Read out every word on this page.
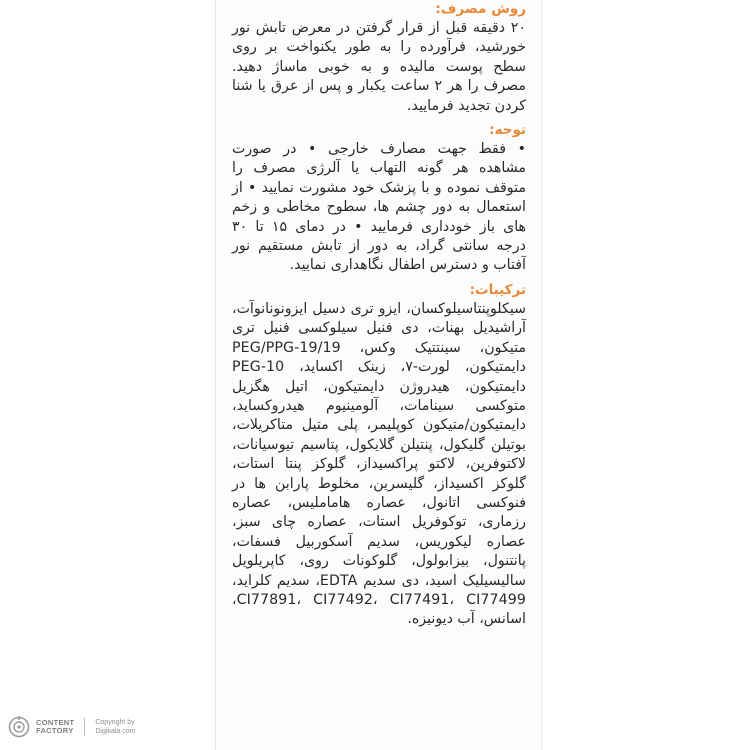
روش مصرف:
۲۰ دقیقه قبل از قرار گرفتن در معرض تابش نور خورشید، فرآورده را به طور یکنواخت بر روی سطح پوست مالیده و به خوبی ماساژ دهید. مصرف را هر ۲ ساعت یکبار و پس از عرق یا شنا کردن تجدید فرمایید.
توجه:
• فقط جهت مصارف خارجی • در صورت مشاهده هر گونه التهاب یا آلرژی مصرف را متوقف نموده و با پزشک خود مشورت نمایید • از استعمال به دور چشم ها، سطوح مخاطی و زخم های باز خودداری فرمایید • در دمای ۱۵ تا ۳۰ درجه سانتی گراد، به دور از تابش مستقیم نور آفتاب و دسترس اطفال نگاهداری نمایید.
ترکیبات:
سیکلوپنتاسیلوکسان، ایزو تری دسیل ایزونونانوآت، آراشیدیل بهنات، دی فنیل سیلوکسی فنیل تری متیکون، سینتتیک وکس، PEG/PPG-19/19 دایمتیکون، لورت-۷، زینک اکساید، PEG-10 دایمتیکون، هیدروژن دایمتیکون، اتیل هگزیل متوکسی سینامات، آلومینیوم هیدروکساید، دایمتیکون/متیکون کوپلیمر، پلی متیل متاکریلات، بوتیلن گلیکول، پنتیلن گلایکول، پتاسیم تیوسیانات، لاکتوفرین، لاکتو پراکسیداز، گلوکز پنتا استات، گلوکز اکسیداز، گلیسرین، مخلوط پارابن ها در فنوکسی اتانول، عصاره هامامليس، عصاره رزماری، توکوفریل استات، عصاره چای سبز، عصاره لیکوریس، سدیم آسکوربیل فسفات، پانتنول، بیزابولول، گلوکونات روی، کاپریلویل سالیسیلیک اسید، دی سدیم EDTA، سدیم کلراید، CI77891، CI77492، CI77491، CI77499، اسانس، آب دیونیزه.
CONTENT
FACTORY
Copyright by
Digikala.com
